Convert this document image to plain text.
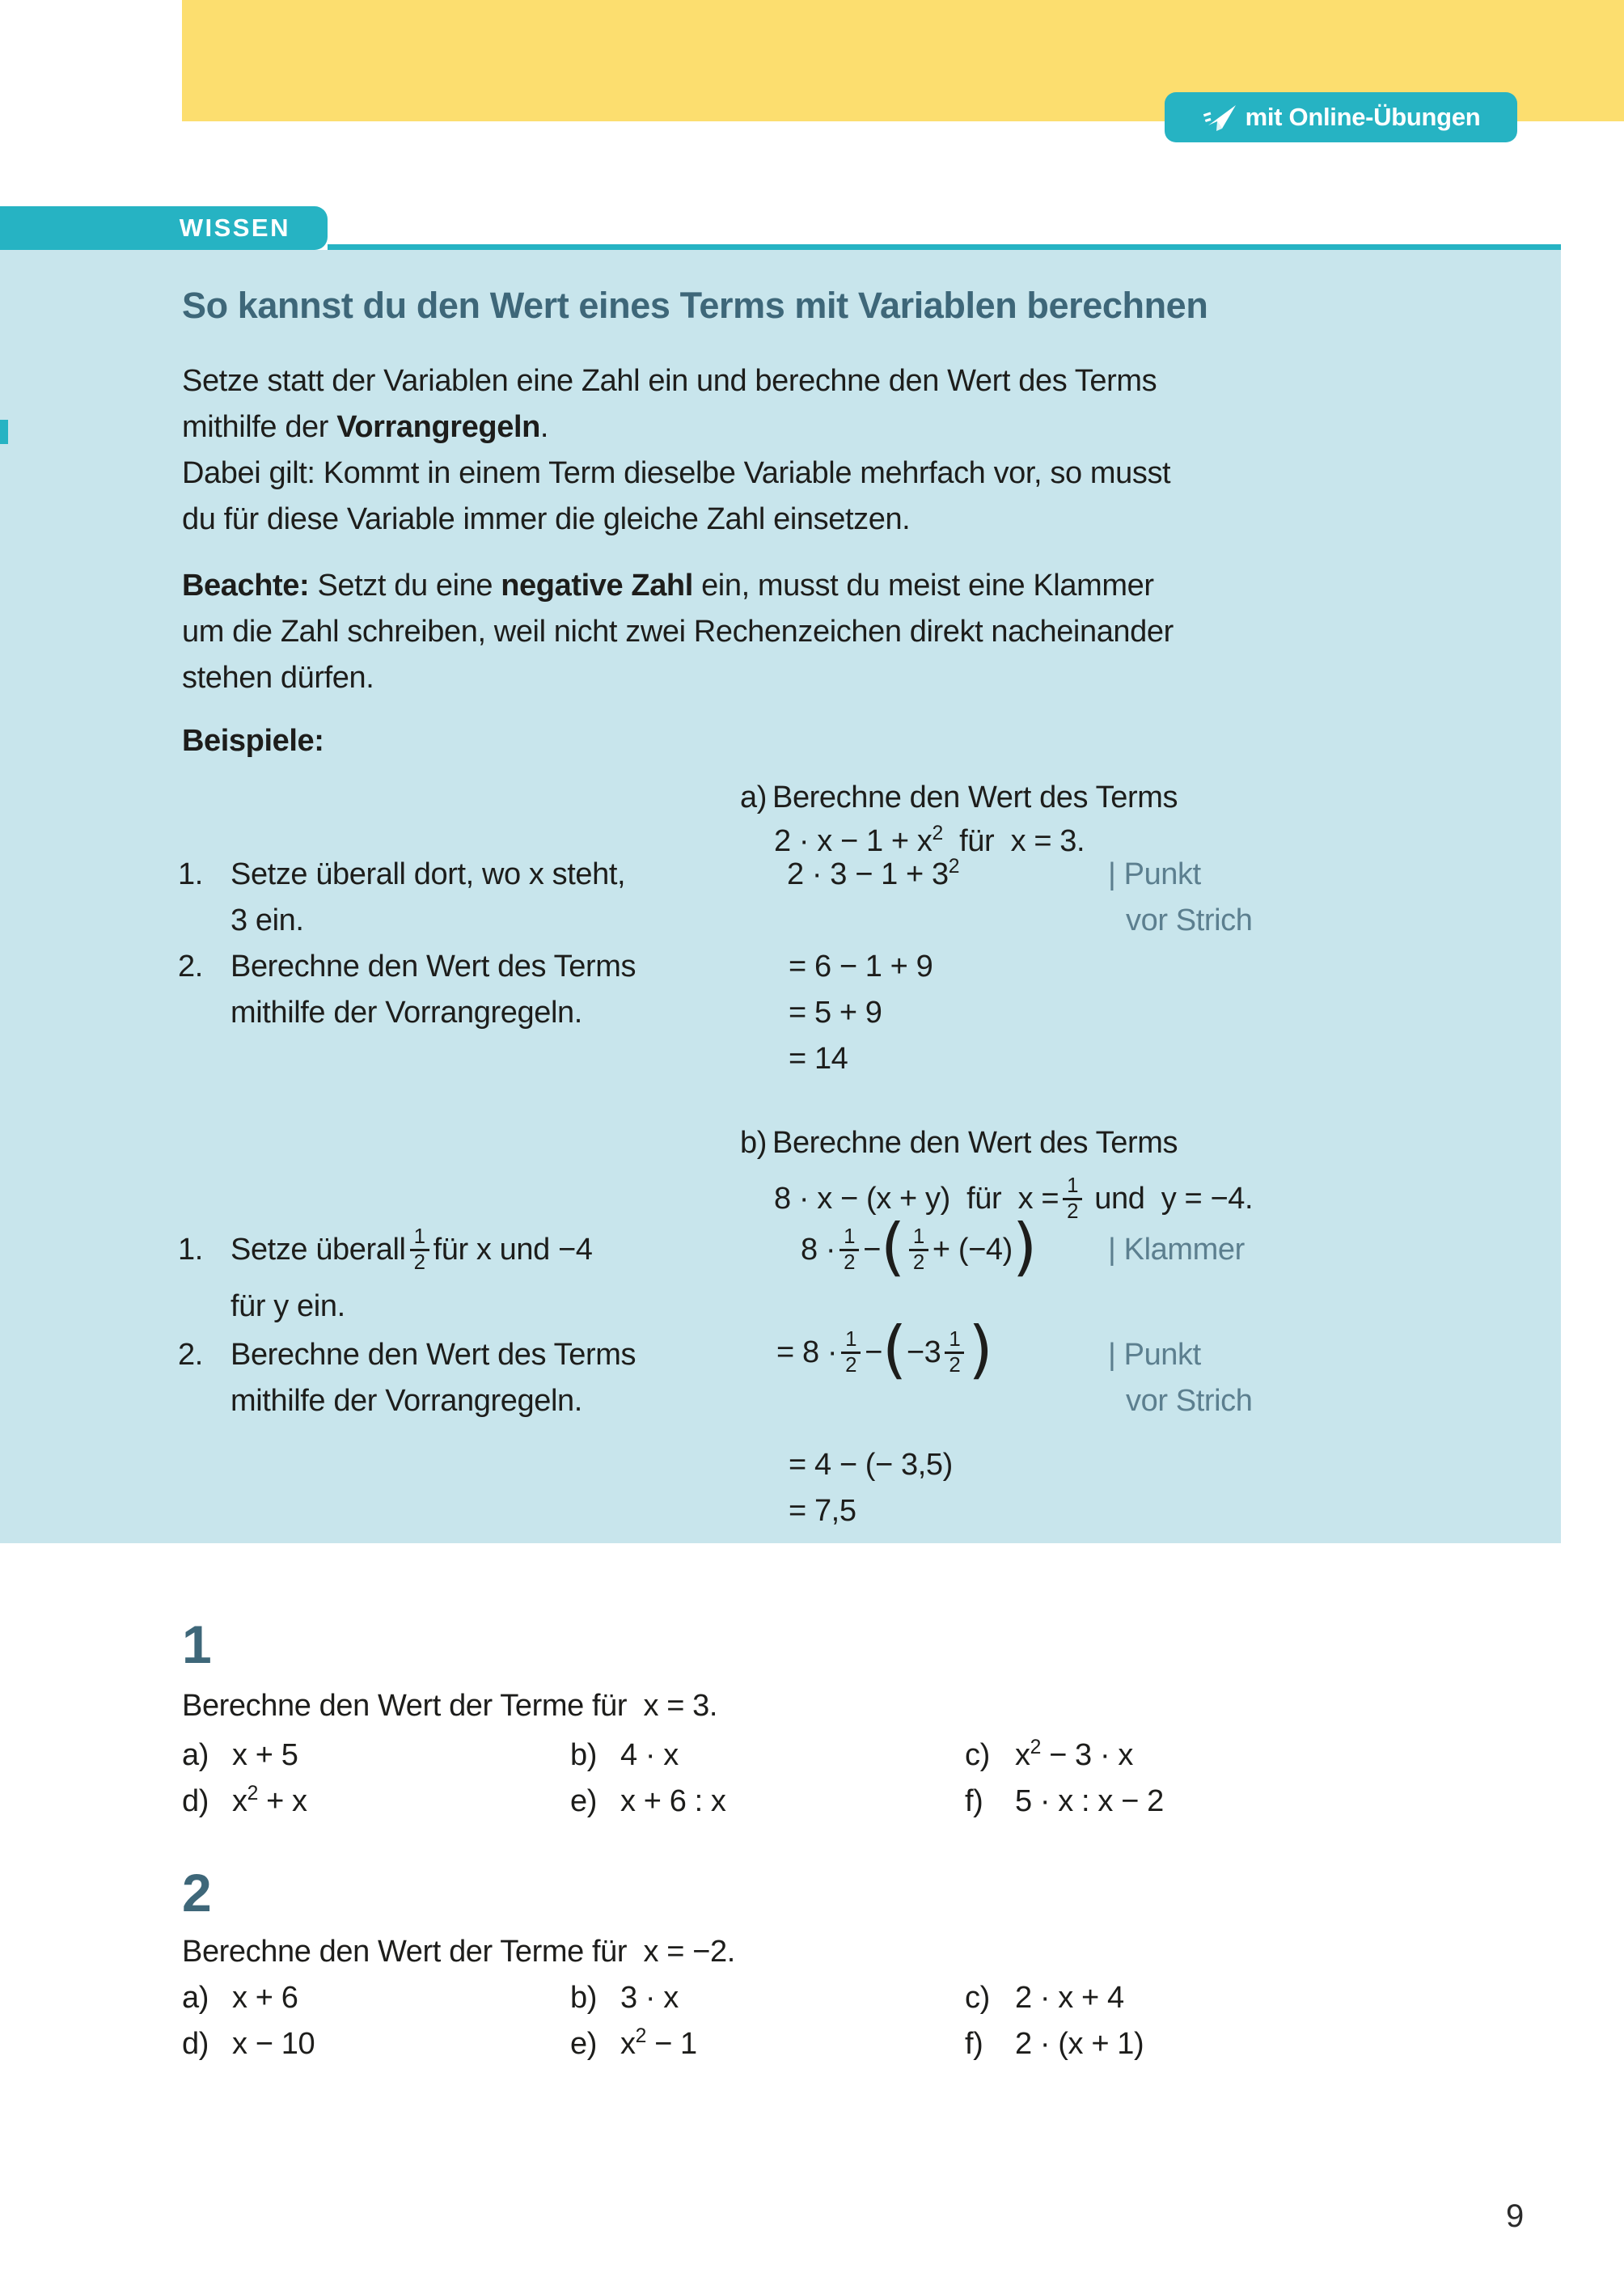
mit Online-Übungen
WISSEN
So kannst du den Wert eines Terms mit Variablen berechnen
Setze statt der Variablen eine Zahl ein und berechne den Wert des Terms
mithilfe der Vorrangregeln.
Dabei gilt: Kommt in einem Term dieselbe Variable mehrfach vor, so musst
du für diese Variable immer die gleiche Zahl einsetzen.
Beachte: Setzt du eine negative Zahl ein, musst du meist eine Klammer
um die Zahl schreiben, weil nicht zwei Rechenzeichen direkt nacheinander
stehen dürfen.
Beispiele:
a) Berechne den Wert des Terms
$2 \cdot x - 1 + x^2$  für  x = 3.
1. Setze überall dort, wo x steht,
3 ein.
2. Berechne den Wert des Terms
mithilfe der Vorrangregeln.
$2 \cdot 3 - 1 + 3^2$	| Punkt
vor Strich
= 6 − 1 + 9
= 5 + 9
= 14
b) Berechne den Wert des Terms
8 · x − (x + y)  für  $x = \frac{1}{2}$ und  y = −4.
1. Setze überall $\frac{1}{2}$ für x und −4
für y ein.
2. Berechne den Wert des Terms
mithilfe der Vorrangregeln.
$8 \cdot \frac{1}{2}$ − ( $\frac{1}{2} + (-4)$ ) | Klammer
= $8 \cdot \frac{1}{2}$ − ( $-3 \frac{1}{2}$ )	| Punkt
vor Strich
= 4 − (− 3,5)
= 7,5
1
Berechne den Wert der Terme für  x = 3.
a) x + 5	b) 4 · x	c) $x^2 - 3 \cdot x$
d) $x^2 + x$	e) x + 6 : x	f) 5 · x : x − 2
2
Berechne den Wert der Terme für  x = −2.
a) x + 6	b) 3 · x	c) 2 · x + 4
d) x − 10	e) $x^2 - 1$	f) 2 · (x + 1)
9
